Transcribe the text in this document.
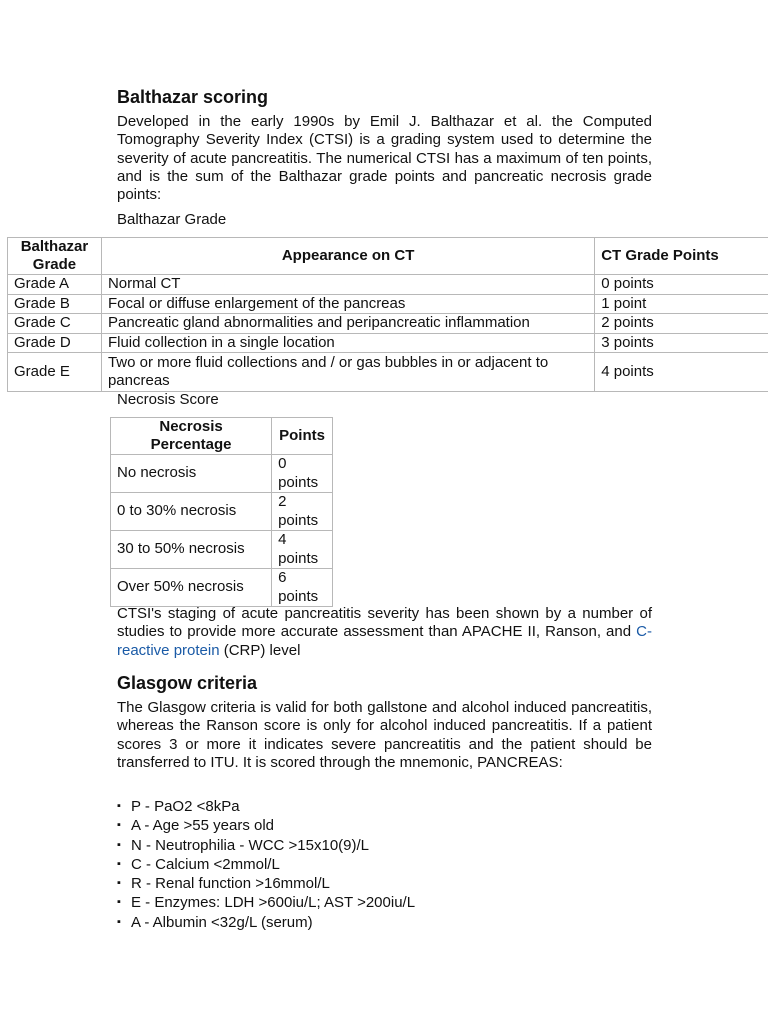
Balthazar scoring

Developed in the early 1990s by Emil J. Balthazar et al. the Computed Tomography Severity Index (CTSI) is a grading system used to determine the severity of acute pancreatitis. The numerical CTSI has a maximum of ten points, and is the sum of the Balthazar grade points and pancreatic necrosis grade points:

Balthazar Grade
Balthazar Grade	Appearance on CT	CT Grade Points
Grade A	Normal CT	0 points
Grade B	Focal or diffuse enlargement of the pancreas	1 point
Grade C	Pancreatic gland abnormalities and peripancreatic inflammation	2 points
Grade D	Fluid collection in a single location	3 points
Grade E	Two or more fluid collections and / or gas bubbles in or adjacent to pancreas	4 points
Necrosis Score
Necrosis Percentage	Points
No necrosis	0 points
0 to 30% necrosis	2 points
30 to 50% necrosis	4 points
Over 50% necrosis	6 points

CTSI's staging of acute pancreatitis severity has been shown by a number of studies to provide more accurate assessment than APACHE II, Ranson, and C-reactive protein (CRP) level

Glasgow criteria

The Glasgow criteria is valid for both gallstone and alcohol induced pancreatitis, whereas the Ranson score is only for alcohol induced pancreatitis. If a patient scores 3 or more it indicates severe pancreatitis and the patient should be transferred to ITU. It is scored through the mnemonic, PANCREAS:

▪ P - PaO2 <8kPa
▪ A - Age >55 years old
▪ N - Neutrophilia - WCC >15x10(9)/L
▪ C - Calcium <2mmol/L
▪ R - Renal function >16mmol/L
▪ E - Enzymes: LDH >600iu/L; AST >200iu/L
▪ A - Albumin <32g/L (serum)
